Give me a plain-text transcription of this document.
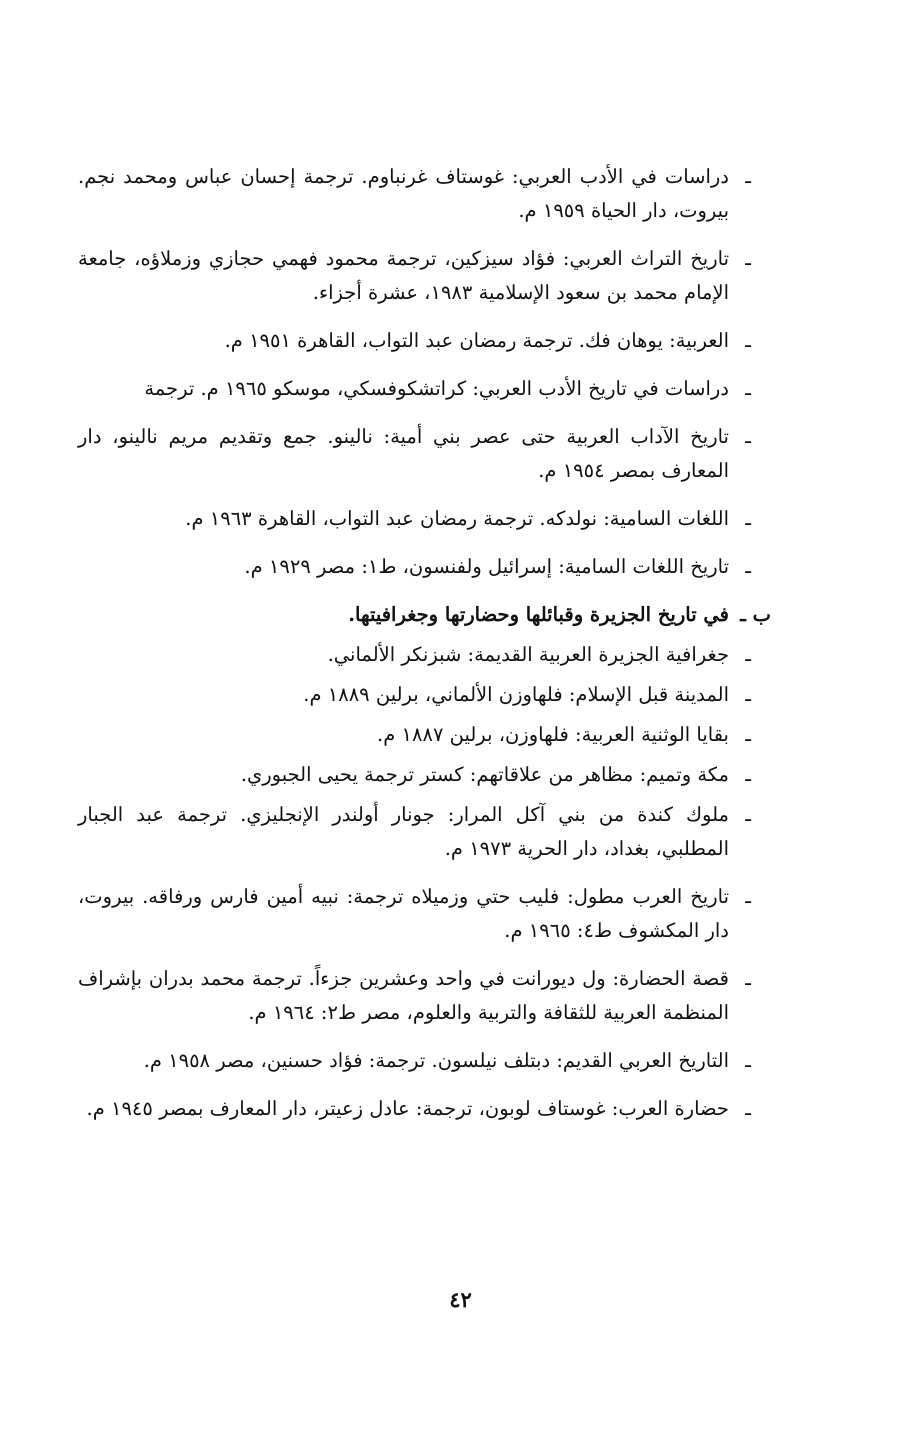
ـ
دراسات في الأدب العربي: غوستاف غرنباوم. ترجمة إحسان عباس ومحمد نجم. بيروت، دار الحياة ١٩٥٩ م.
ـ
تاريخ التراث العربي: فؤاد سيزكين، ترجمة محمود فهمي حجازي وزملاؤه، جامعة الإمام محمد بن سعود الإسلامية ١٩٨٣، عشرة أجزاء.
ـ
العربية: يوهان فك. ترجمة رمضان عبد التواب، القاهرة ١٩٥١ م.
ـ
دراسات في تاريخ الأدب العربي: كراتشكوفسكي، موسكو ١٩٦٥ م. ترجمة
ـ
تاريخ الآداب العربية حتى عصر بني أمية: نالينو. جمع وتقديم مريم نالينو، دار المعارف بمصر ١٩٥٤ م.
ـ
اللغات السامية: نولدكه. ترجمة رمضان عبد التواب، القاهرة ١٩٦٣ م.
ـ
تاريخ اللغات السامية: إسرائيل ولفنسون، ط١: مصر ١٩٢٩ م.
ب ـ
في تاريخ الجزيرة وقبائلها وحضارتها وجغرافيتها.
ـ
جغرافية الجزيرة العربية القديمة: شبزنكر الألماني.
ـ
المدينة قبل الإسلام: فلهاوزن الألماني، برلين ١٨٨٩ م.
ـ
بقايا الوثنية العربية: فلهاوزن، برلين ١٨٨٧ م.
ـ
مكة وتميم: مظاهر من علاقاتهم: كستر ترجمة يحيى الجبوري.
ـ
ملوك كندة من بني آكل المرار: جونار أولندر الإنجليزي. ترجمة عبد الجبار المطلبي، بغداد، دار الحرية ١٩٧٣ م.
ـ
تاريخ العرب مطول: فليب حتي وزميلاه ترجمة: نبيه أمين فارس ورفاقه. بيروت، دار المكشوف ط٤: ١٩٦٥ م.
ـ
قصة الحضارة: ول ديورانت في واحد وعشرين جزءاً. ترجمة محمد بدران بإشراف المنظمة العربية للثقافة والتربية والعلوم، مصر ط٢: ١٩٦٤ م.
ـ
التاريخ العربي القديم: دبتلف نيلسون. ترجمة: فؤاد حسنين، مصر ١٩٥٨ م.
ـ
حضارة العرب: غوستاف لوبون، ترجمة: عادل زعيتر، دار المعارف بمصر ١٩٤٥ م.
٤٢
